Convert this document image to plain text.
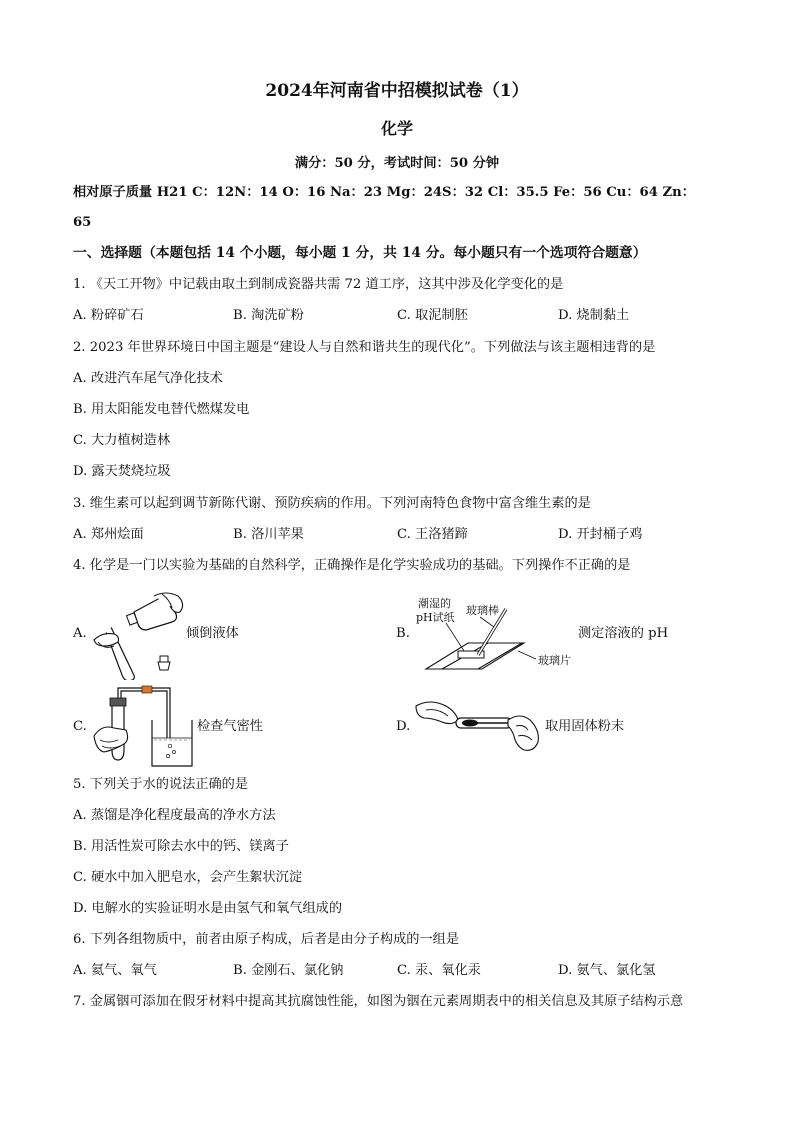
2024年河南省中招模拟试卷（1）
化学
满分：50 分，考试时间：50 分钟
相对原子质量 H21 C：12N：14 O：16 Na：23 Mg：24S：32 Cl：35.5 Fe：56 Cu：64 Zn：
65
一、选择题（本题包括 14 个小题，每小题 1 分，共 14 分。每小题只有一个选项符合题意）
1. 《天工开物》中记载由取土到制成瓷器共需 72 道工序，这其中涉及化学变化的是
A. 粉碎矿石	B. 淘洗矿粉	C. 取泥制胚	D. 烧制黏土
2. 2023 年世界环境日中国主题是“建设人与自然和谐共生的现代化”。下列做法与该主题相违背的是
A. 改进汽车尾气净化技术
B. 用太阳能发电替代燃煤发电
C. 大力植树造林
D. 露天焚烧垃圾
3. 维生素可以起到调节新陈代谢、预防疾病的作用。下列河南特色食物中富含维生素的是
A. 郑州烩面	B. 洛川苹果	C. 王洛猪蹄	D. 开封桶子鸡
4. 化学是一门以实验为基础的自然科学，正确操作是化学实验成功的基础。下列操作不正确的是
A.	倾倒液体	B.
潮湿的
pH试纸
玻璃棒
玻璃片
测定溶液的 pH
C.	检查气密性	D.	取用固体粉末
5. 下列关于水的说法正确的是
A. 蒸馏是净化程度最高的净水方法
B. 用活性炭可除去水中的钙、镁离子
C. 硬水中加入肥皂水，会产生絮状沉淀
D. 电解水的实验证明水是由氢气和氧气组成的
6. 下列各组物质中，前者由原子构成，后者是由分子构成的一组是
A. 氦气、氧气	B. 金刚石、氯化钠	C. 汞、氧化汞	D. 氨气、氯化氢
7. 金属铟可添加在假牙材料中提高其抗腐蚀性能，如图为铟在元素周期表中的相关信息及其原子结构示意
